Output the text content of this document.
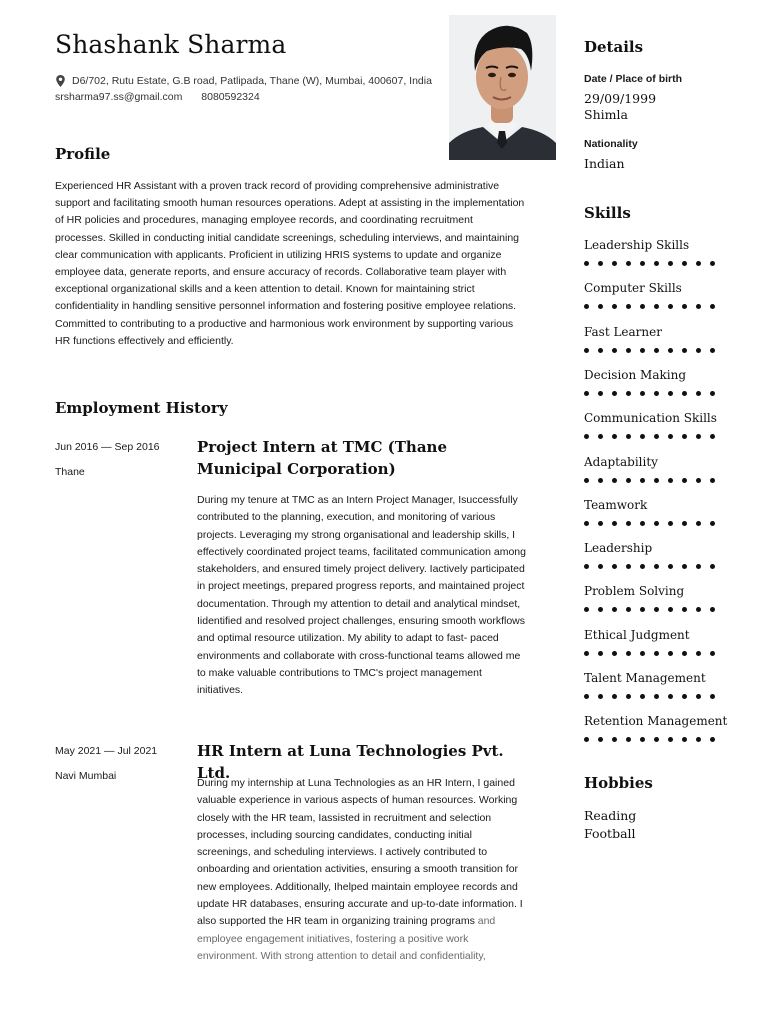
Shashank Sharma
D6/702, Rutu Estate, G.B road, Patlipada, Thane (W), Mumbai, 400607, India
srsharma97.ss@gmail.com 8080592324
Profile

Experienced HR Assistant with a proven track record of providing comprehensive administrative support and facilitating smooth human resources operations. Adept at assisting in the implementation of HR policies and procedures, managing employee records, and coordinating recruitment processes. Skilled in conducting initial candidate screenings, scheduling interviews, and maintaining clear communication with applicants. Proficient in utilizing HRIS systems to update and organize employee data, generate reports, and ensure accuracy of records. Collaborative team player with exceptional organizational skills and a keen attention to detail. Known for maintaining strict confidentiality in handling sensitive personnel information and fostering positive employee relations. Committed to contributing to a productive and harmonious work environment by supporting various HR functions effectively and efficiently.

Employment History
Jun 2016 — Sep 2016
Thane
Project Intern at TMC (Thane Municipal Corporation)

During my tenure at TMC as an Intern Project Manager, Isuccessfully contributed to the planning, execution, and monitoring of various projects. Leveraging my strong organisational and leadership skills, I effectively coordinated project teams, facilitated communication among stakeholders, and ensured timely project delivery. Iactively participated in project meetings, prepared progress reports, and maintained project documentation. Through my attention to detail and analytical mindset, Iidentified and resolved project challenges, ensuring smooth workflows and optimal resource utilization. My ability to adapt to fast- paced environments and collaborate with cross-functional teams allowed me to make valuable contributions to TMC's project management initiatives.

May 2021 — Jul 2021
Navi Mumbai
HR Intern at Luna Technologies Pvt. Ltd.

During my internship at Luna Technologies as an HR Intern, I gained valuable experience in various aspects of human resources. Working closely with the HR team, Iassisted in recruitment and selection processes, including sourcing candidates, conducting initial screenings, and scheduling interviews. I actively contributed to onboarding and orientation activities, ensuring a smooth transition for new employees. Additionally, Ihelped maintain employee records and update HR databases, ensuring accurate and up-to-date information. I also supported the HR team in organizing training programs and employee engagement initiatives, fostering a positive work environment. With strong attention to detail and confidentiality,

Details
Date / Place of birth
29/09/1999
Shimla
Nationality
Indian
Skills
Leadership Skills
Computer Skills
Fast Learner
Decision Making
Communication Skills
Adaptability
Teamwork
Leadership
Problem Solving
Ethical Judgment
Talent Management
Retention Management
Hobbies
Reading
Football
